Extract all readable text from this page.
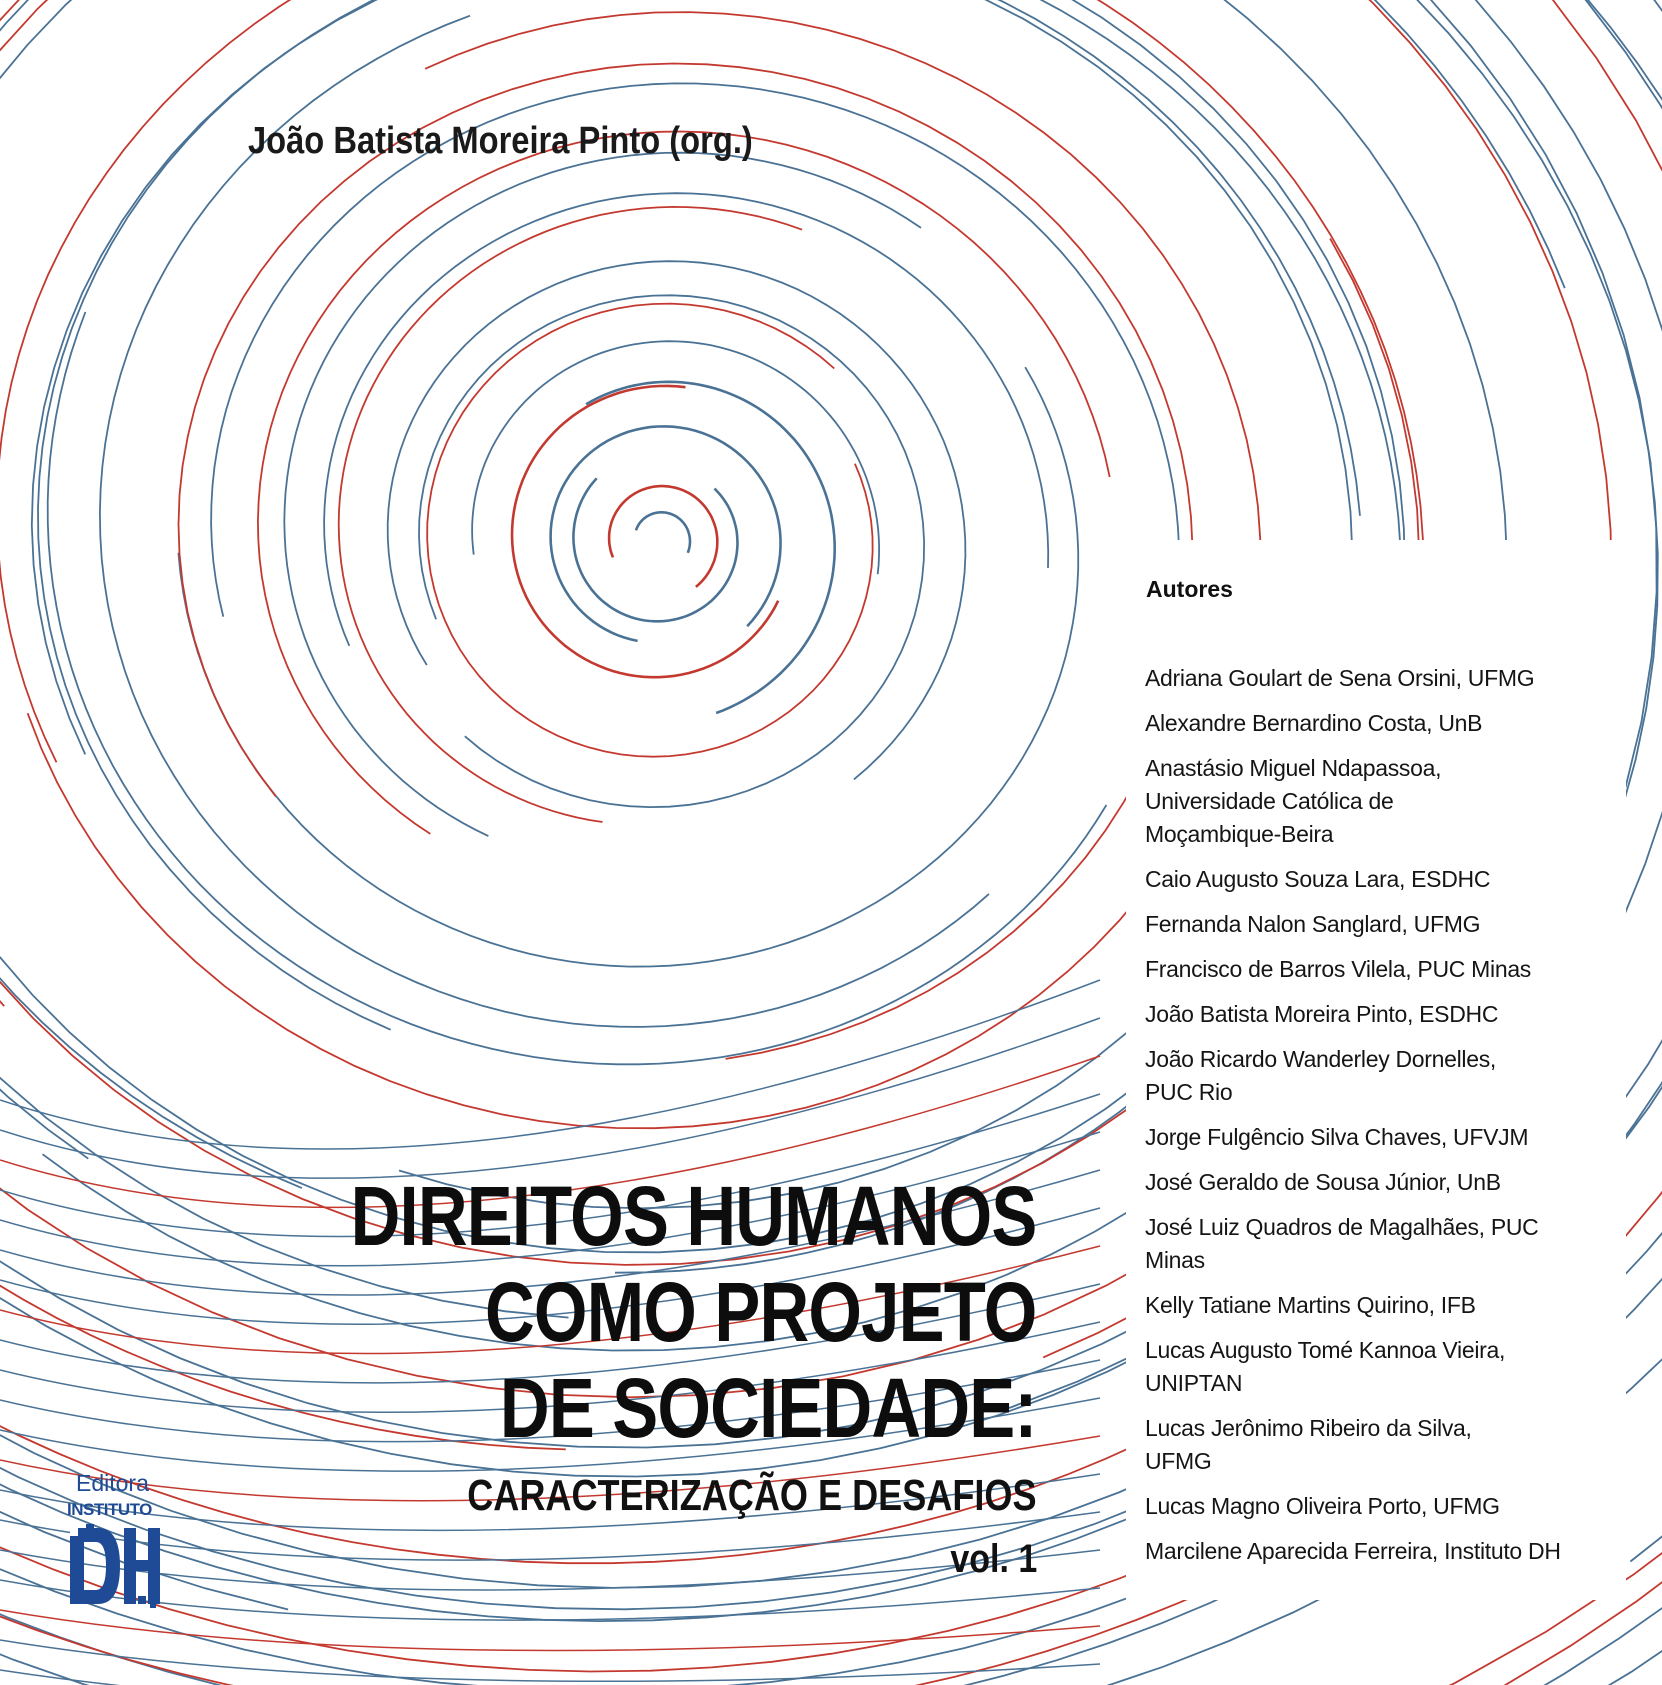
João Batista Moreira Pinto (org.)

DIREITOS HUMANOS

COMO PROJETO

DE SOCIEDADE:

CARACTERIZAÇÃO E DESAFIOS

vol. 1

Editora

INSTITUTO

Autores
Adriana Goulart de Sena Orsini, UFMG
Alexandre Bernardino Costa, UnB
Anastásio Miguel Ndapassoa, Universidade Católica de Moçambique-Beira
Caio Augusto Souza Lara, ESDHC
Fernanda Nalon Sanglard, UFMG
Francisco de Barros Vilela, PUC Minas
João Batista Moreira Pinto, ESDHC
João Ricardo Wanderley Dornelles, PUC Rio
Jorge Fulgêncio Silva Chaves, UFVJM
José Geraldo de Sousa Júnior, UnB
José Luiz Quadros de Magalhães, PUC Minas
Kelly Tatiane Martins Quirino, IFB
Lucas Augusto Tomé Kannoa Vieira, UNIPTAN
Lucas Jerônimo Ribeiro da Silva, UFMG
Lucas Magno Oliveira Porto, UFMG
Marcilene Aparecida Ferreira, Instituto DH
